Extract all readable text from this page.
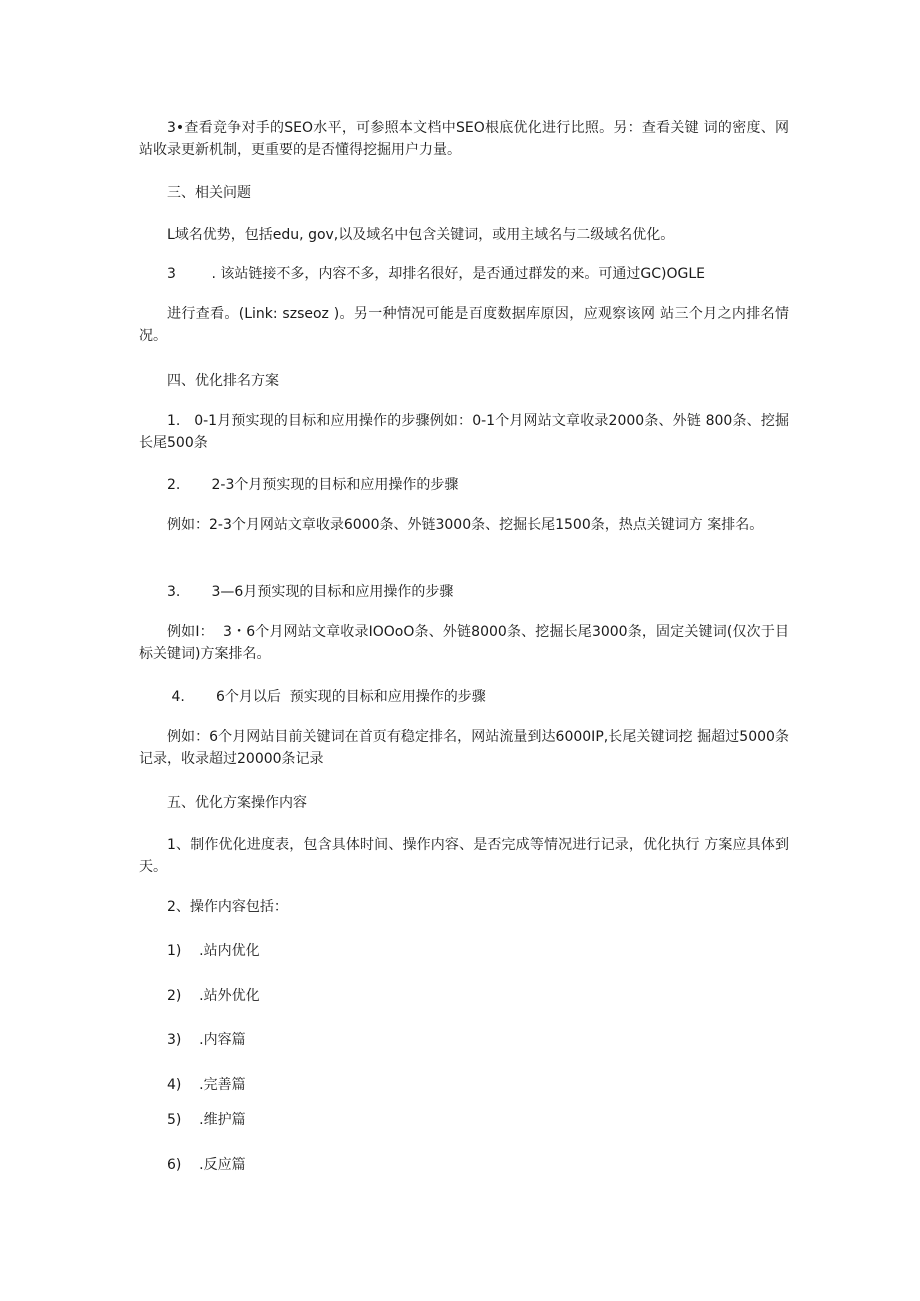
3•查看竞争对手的SEO水平，可参照本文档中SEO根底优化进行比照。另：查看关键 词的密度、网站收录更新机制，更重要的是否懂得挖掘用户力量。

三、相关问题

L域名优势，包括edu, gov,以及域名中包含关键词，或用主域名与二级域名优化。

3        . 该站链接不多，内容不多，却排名很好，是否通过群发的来。可通过GC)OGLE

进行查看。(Link: szseoz )。另一种情况可能是百度数据库原因，应观察该网 站三个月之内排名情况。

四、优化排名方案

1.   0-1月预实现的目标和应用操作的步骤例如：0-1个月网站文章收录2000条、外链 800条、挖掘长尾500条

2.       2-3个月预实现的目标和应用操作的步骤

例如：2-3个月网站文章收录6000条、外链3000条、挖掘长尾1500条，热点关键词方 案排名。

3.       3—6月预实现的目标和应用操作的步骤

例如I：  3・6个月网站文章收录IOOoO条、外链8000条、挖掘长尾3000条，固定关键词(仅次于目标关键词)方案排名。

4.       6个月以后  预实现的目标和应用操作的步骤

例如：6个月网站目前关键词在首页有稳定排名，网站流量到达6000IP,长尾关键词挖 掘超过5000条记录，收录超过20000条记录

五、优化方案操作内容

1、制作优化进度表，包含具体时间、操作内容、是否完成等情况进行记录，优化执行 方案应具体到天。

2、操作内容包括：

1)    .站内优化

2)    .站外优化

3)    .内容篇

4)    .完善篇

5)    .维护篇

6)    .反应篇
